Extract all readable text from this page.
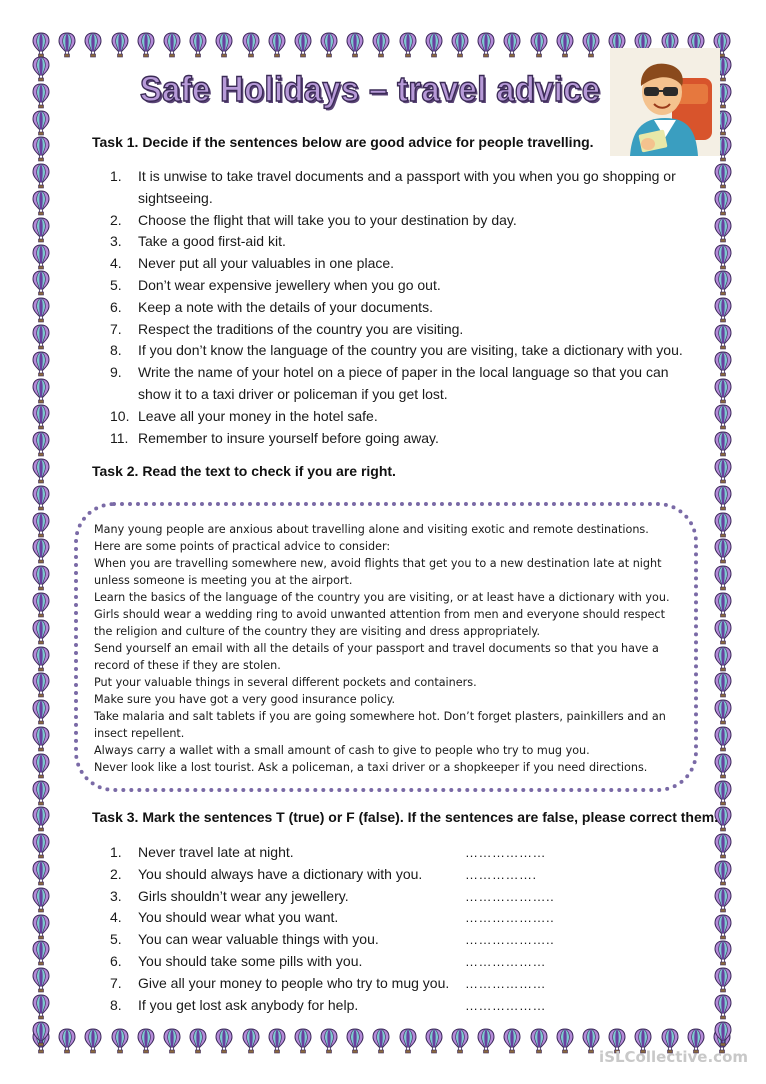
Safe Holidays – travel advice
Task 1. Decide if the sentences below are good advice for people travelling.
1. It is unwise to take travel documents and a passport with you when you go shopping or
sightseeing.
2. Choose the flight that will take you to your destination by day.
3. Take a good first-aid kit.
4. Never put all your valuables in one place.
5. Don’t wear expensive jewellery when you go out.
6. Keep a note with the details of your documents.
7. Respect the traditions of the country you are visiting.
8. If you don’t know the language of the country you are visiting, take a dictionary with you.
9. Write the name of your hotel on a piece of paper in the local language so that you can
show it to a taxi driver or policeman if you get lost.
10. Leave all your money in the hotel safe.
11. Remember to insure yourself before going away.
Task 2. Read the text to check if you are right.
Many young people are anxious about travelling alone and visiting exotic and remote destinations.
Here are some points of practical advice to consider:
When you are travelling somewhere new, avoid flights that get you to a new destination late at night
unless someone is meeting you at the airport.
Learn the basics of the language of the country you are visiting, or at least have a dictionary with you.
Girls should wear a wedding ring to avoid unwanted attention from men and everyone should respect
the religion and culture of the country they are visiting and dress appropriately.
Send yourself an email with all the details of your passport and travel documents so that you have a
record of these if they are stolen.
Put your valuable things in several different pockets and containers.
Make sure you have got a very good insurance policy.
Take malaria and salt tablets if you are going somewhere hot. Don’t forget plasters, painkillers and an
insect repellent.
Always carry a wallet with a small amount of cash to give to people who try to mug you.
Never look like a lost tourist. Ask a policeman, a taxi driver or a shopkeeper if you need directions.
Task 3. Mark the sentences T (true) or F (false). If the sentences are false, please correct them.
1. Never travel late at night.	………………
2. You should always have a dictionary with you.	…………….
3. Girls shouldn’t wear any jewellery.	………………..
4. You should wear what you want.	………………..
5. You can wear valuable things with you.	………………..
6. You should take some pills with you.	………………
7. Give all your money to people who try to mug you. ………………
8. If you get lost ask anybody for help.	………………
iSLCollective.com
